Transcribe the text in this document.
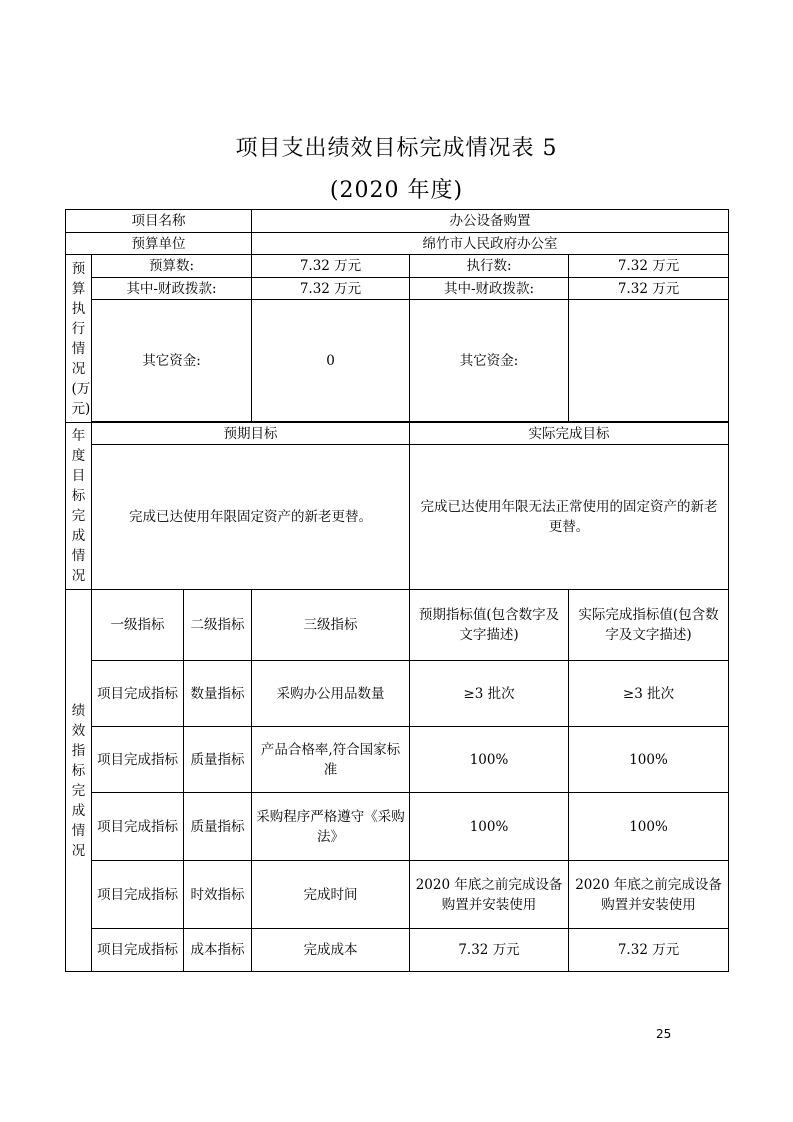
项目支出绩效目标完成情况表 5
(2020 年度)
项目名称			办公设备购置		
预算单位			绵竹市人民政府办公室		

预算执行情况(万元)	预算数:		7.32 万元	执行数:	7.32 万元
	其中-财政拨款:		7.32 万元	其中-财政拨款:	7.32 万元
	其它资金:		0	其它资金:	

年度目标完成情况	预期目标			实际完成目标	
	完成已达使用年限固定资产的新老更替。			完成已达使用年限无法正常使用的固定资产的新老更替。	

绩效指标完成情况	一级指标	二级指标	三级指标	预期指标值(包含数字及文字描述)	实际完成指标值(包含数字及文字描述)
	项目完成指标	数量指标	采购办公用品数量	≥3 批次	≥3 批次
	项目完成指标	质量指标	产品合格率,符合国家标准	100%	100%
	项目完成指标	质量指标	采购程序严格遵守《采购法》	100%	100%
	项目完成指标	时效指标	完成时间	2020 年底之前完成设备购置并安装使用	2020 年底之前完成设备购置并安装使用
	项目完成指标	成本指标	完成成本	7.32 万元	7.32 万元
25
